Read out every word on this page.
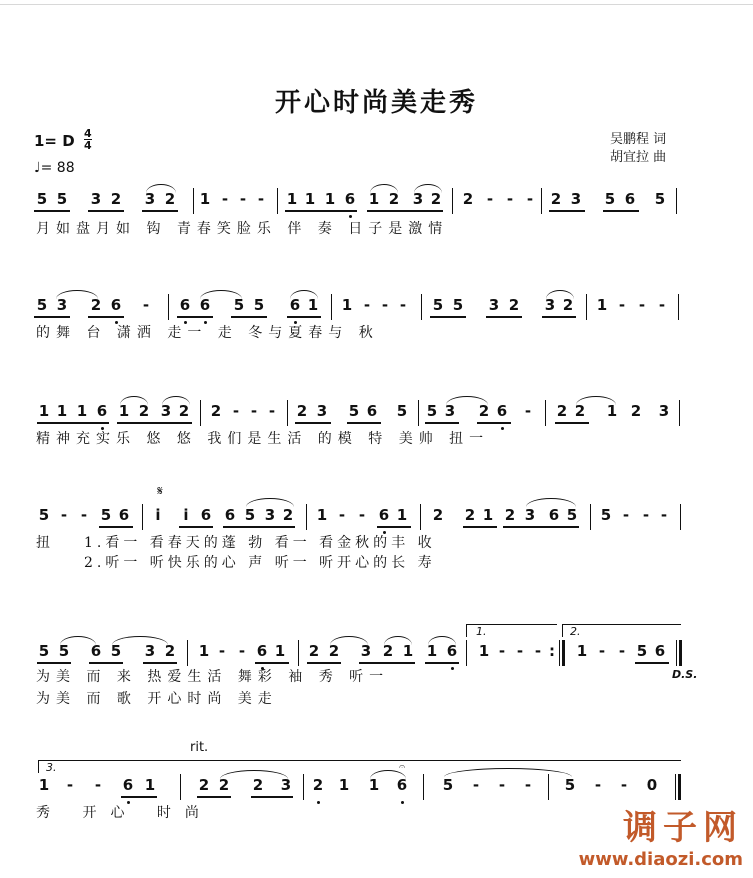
开心时尚美走秀
1= D 4
4
♩= 88
吴鹏程 词
胡宜拉 曲
5 5 3 2 3 2 1 - - - 1 1 1 6 1 2 3 2 2 - - - 2 3 5 6 5
月如盘月如 钩 青春笑脸乐 伴 奏 日子是激情
5 3 2 6 - 6 6 5 5 6 1 1 - - - 5 5 3 2 3 2 1 - - -
的舞 台 潇洒 走一 走 冬与夏春与 秋
1 1 1 6 1 2 3 2 2 - - - 2 3 5 6 5 5 3 2 6 - 2 2 1 2 3
精神充实乐 悠 悠 我们是生活 的模 特 美帅 扭一
𝄋
5 - - 5 6 i i 6 6 5 3 2 1 - - 6 1 2 2 1 2 3 6 5 5 - - -
扭 1.看一 看春天的蓬 勃 看一 看金秋的丰 收
2.听一 听快乐的心 声 听一 听开心的长 寿
1.	2.
5 5 6 5 3 2 1 - - 6 1 2 2 3 2 1 1 6 1 - - - : 1 - - 5 6
D.S.
为美 而 来 热爱生活 舞彩 袖 秀 听一
为美 而 歌 开心时尚 美走
rit.
3.
1 - - 6 1	2 2 2 3 2 1 1 6
𝄐
5 - - - 5 - - 0
秀 开心 时尚	调子网
www.diaozi.com
